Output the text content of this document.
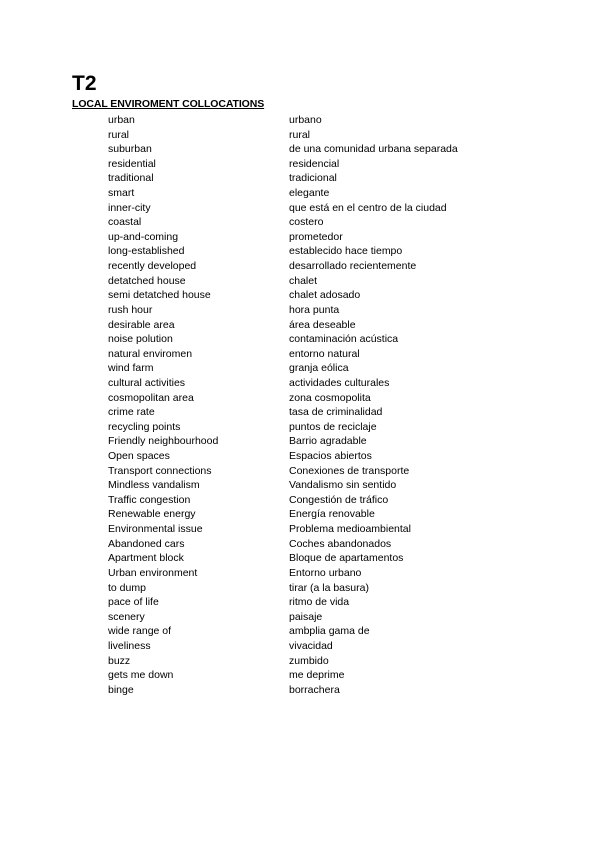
T2
LOCAL ENVIROMENT COLLOCATIONS
urban	urbano
rural	rural
suburban	de una comunidad urbana separada
residential	residencial
traditional	tradicional
smart	elegante
inner-city	que está en el centro de la ciudad
coastal	costero
up-and-coming	prometedor
long-established	establecido hace tiempo
recently developed	desarrollado recientemente
detatched house	chalet
semi detatched house	chalet adosado
rush hour	hora punta
desirable area	área deseable
noise polution	contaminación acústica
natural enviromen	entorno natural
wind farm	granja eólica
cultural activities	actividades culturales
cosmopolitan area	zona cosmopolita
crime rate	tasa de criminalidad
recycling points	puntos de reciclaje
Friendly neighbourhood	Barrio agradable
Open spaces	Espacios abiertos
Transport connections	Conexiones de transporte
Mindless vandalism	Vandalismo sin sentido
Traffic congestion	Congestión de tráfico
Renewable energy	Energía renovable
Environmental issue	Problema medioambiental
Abandoned cars	Coches abandonados
Apartment block	Bloque de apartamentos
Urban environment	Entorno urbano
to dump	tirar (a la basura)
pace of life	ritmo de vida
scenery	paisaje
wide range of	ambplia gama de
liveliness	vivacidad
buzz	zumbido
gets me down	me deprime
binge	borrachera
